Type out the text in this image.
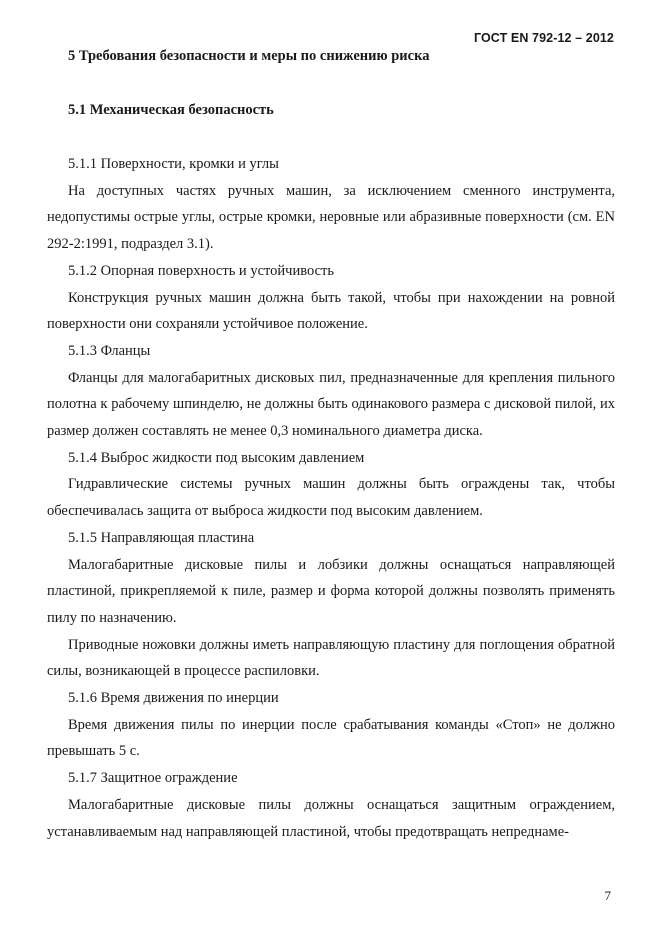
ГОСТ EN 792-12 – 2012
5 Требования безопасности и меры по снижению риска
5.1 Механическая безопасность

5.1.1 Поверхности, кромки и углы

На доступных частях ручных машин, за исключением сменного инструмента, недопустимы острые углы, острые кромки, неровные или абразивные поверхности (см. EN 292-2:1991, подраздел 3.1).

5.1.2 Опорная поверхность и устойчивость

Конструкция ручных машин должна быть такой, чтобы при нахождении на ровной поверхности они сохраняли устойчивое положение.

5.1.3 Фланцы

Фланцы для малогабаритных дисковых пил, предназначенные для крепления пильного полотна к рабочему шпинделю, не должны быть одинакового размера с дисковой пилой, их размер должен составлять не менее 0,3 номинального диаметра диска.

5.1.4 Выброс жидкости под высоким давлением

Гидравлические системы ручных машин должны быть ограждены так, чтобы обеспечивалась защита от выброса жидкости под высоким давлением.

5.1.5 Направляющая пластина

Малогабаритные дисковые пилы и лобзики должны оснащаться направляющей пластиной, прикрепляемой к пиле, размер и форма которой должны позволять применять пилу по назначению.

Приводные ножовки должны иметь направляющую пластину для поглощения обратной силы, возникающей в процессе распиловки.

5.1.6 Время движения по инерции

Время движения пилы по инерции после срабатывания команды «Стоп» не должно превышать 5 с.

5.1.7 Защитное ограждение

Малогабаритные дисковые пилы должны оснащаться защитным ограждением, устанавливаемым над направляющей пластиной, чтобы предотвращать непреднаме-

7
